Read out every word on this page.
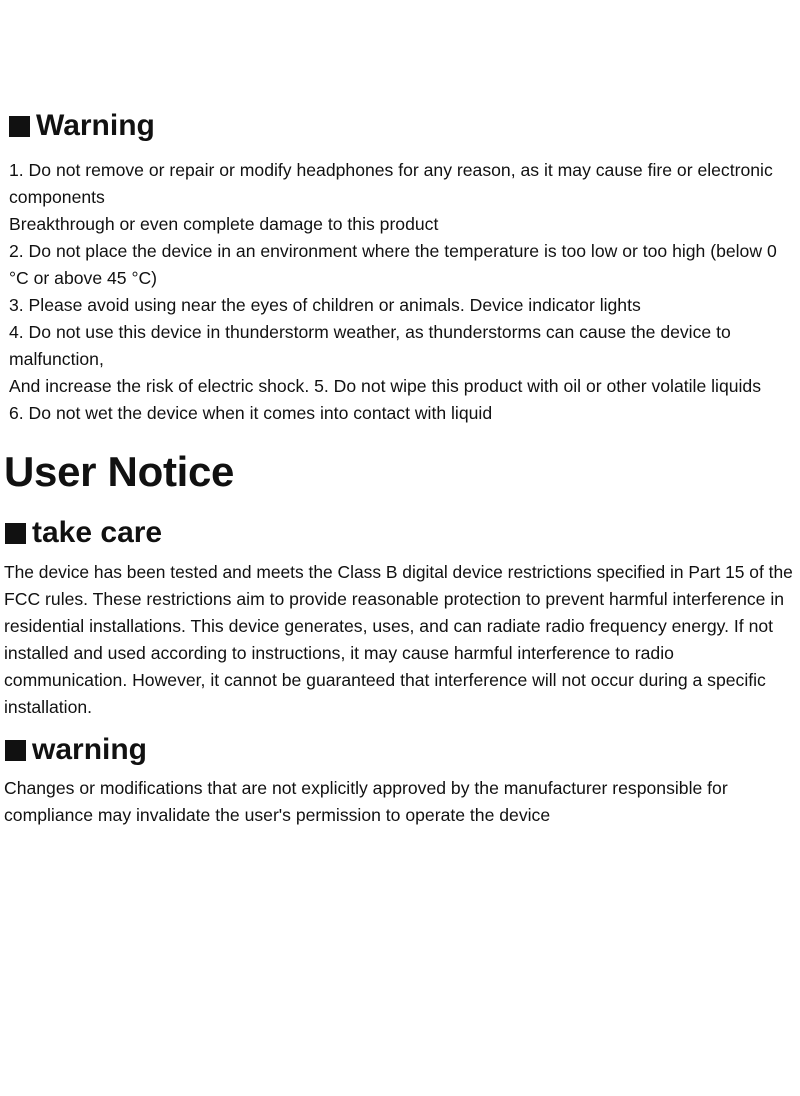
Warning
1. Do not remove or repair or modify headphones for any reason, as it may cause fire or electronic
components
Breakthrough or even complete damage to this product
2. Do not place the device in an environment where the temperature is too low or too high (below 0
°C or above 45 °C)
3. Please avoid using near the eyes of children or animals. Device indicator lights
4. Do not use this device in thunderstorm weather, as thunderstorms can cause the device to
malfunction,
And increase the risk of electric shock. 5. Do not wipe this product with oil or other volatile liquids
6. Do not wet the device when it comes into contact with liquid
User Notice
take care
The device has been tested and meets the Class B digital device restrictions specified in Part 15 of the
FCC rules. These restrictions aim to provide reasonable protection to prevent harmful interference in
residential installations. This device generates, uses, and can radiate radio frequency energy. If not
installed and used according to instructions, it may cause harmful interference to radio
communication. However, it cannot be guaranteed that interference will not occur during a specific
installation.
warning
Changes or modifications that are not explicitly approved by the manufacturer responsible for
compliance may invalidate the user's permission to operate the device
